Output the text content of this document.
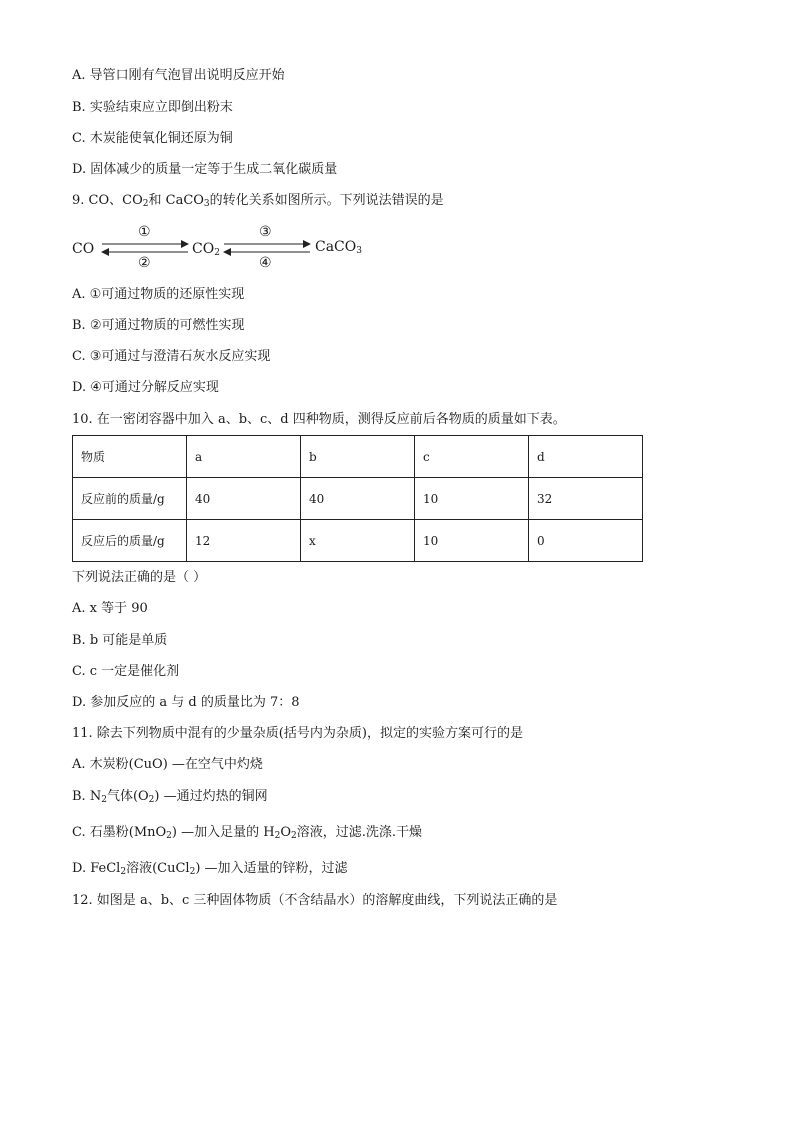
A. 导管口刚有气泡冒出说明反应开始
B. 实验结束应立即倒出粉末
C. 木炭能使氧化铜还原为铜
D. 固体减少的质量一定等于生成二氧化碳质量
9. CO、$CO_2$和 CaCO$_3$的转化关系如图所示。下列说法错误的是
CO	$CO_2$	CaCO$_3$
①
②
③
④
A. ①可通过物质的还原性实现
B. ②可通过物质的可燃性实现
C. ③可通过与澄清石灰水反应实现
D. ④可通过分解反应实现
10. 在一密闭容器中加入 a、b、c、d 四种物质，测得反应前后各物质的质量如下表。
物质	a	b	c	d
反应前的质量/g	40	40	10	32
反应后的质量/g	12	x	10	0
下列说法正确的是（ ）
A. x 等于 90
B. b 可能是单质
C. c 一定是催化剂
D. 参加反应的 a 与 d 的质量比为 7：8
11. 除去下列物质中混有的少量杂质(括号内为杂质)，拟定的实验方案可行的是
A. 木炭粉(CuO) —在空气中灼烧
B. $N_2$气体$(O_2)$ —通过灼热的铜网
C. 石墨粉(MnO$_2$) —加入足量的 $H_2O_2$溶液，过滤.洗涤.干燥
D. FeCl$_2$溶液(CuCl$_2$) —加入适量的锌粉，过滤
12. 如图是 a、b、c 三种固体物质（不含结晶水）的溶解度曲线，下列说法正确的是
